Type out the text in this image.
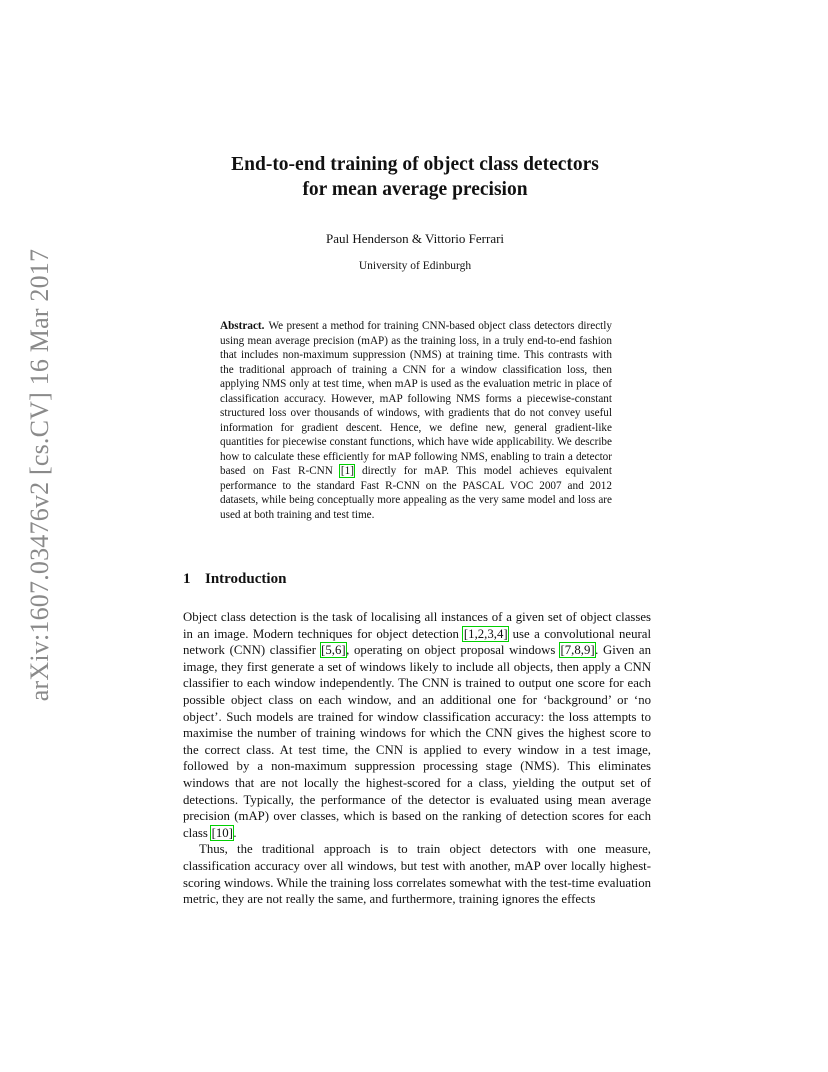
arXiv:1607.03476v2 [cs.CV] 16 Mar 2017
End-to-end training of object class detectors
for mean average precision
Paul Henderson & Vittorio Ferrari
University of Edinburgh
Abstract. We present a method for training CNN-based object class detectors directly using mean average precision (mAP) as the training loss, in a truly end-to-end fashion that includes non-maximum suppression (NMS) at training time. This contrasts with the traditional approach of training a CNN for a window classification loss, then applying NMS only at test time, when mAP is used as the evaluation metric in place of classification accuracy. However, mAP following NMS forms a piecewise-constant structured loss over thousands of windows, with gradients that do not convey useful information for gradient descent. Hence, we define new, general gradient-like quantities for piecewise constant functions, which have wide applicability. We describe how to calculate these efficiently for mAP following NMS, enabling to train a detector based on Fast R-CNN [1] directly for mAP. This model achieves equivalent performance to the standard Fast R-CNN on the PASCAL VOC 2007 and 2012 datasets, while being conceptually more appealing as the very same model and loss are used at both training and test time.
1 Introduction

Object class detection is the task of localising all instances of a given set of object classes in an image. Modern techniques for object detection [1,2,3,4] use a convolutional neural network (CNN) classifier [5,6], operating on object proposal windows [7,8,9]. Given an image, they first generate a set of windows likely to include all objects, then apply a CNN classifier to each window independently. The CNN is trained to output one score for each possible object class on each window, and an additional one for ‘background’ or ‘no object’. Such models are trained for window classification accuracy: the loss attempts to maximise the number of training windows for which the CNN gives the highest score to the correct class. At test time, the CNN is applied to every window in a test image, followed by a non-maximum suppression processing stage (NMS). This eliminates windows that are not locally the highest-scored for a class, yielding the output set of detections. Typically, the performance of the detector is evaluated using mean average precision (mAP) over classes, which is based on the ranking of detection scores for each class [10].

Thus, the traditional approach is to train object detectors with one measure, classification accuracy over all windows, but test with another, mAP over locally highest-scoring windows. While the training loss correlates somewhat with the test-time evaluation metric, they are not really the same, and furthermore, training ignores the effects
